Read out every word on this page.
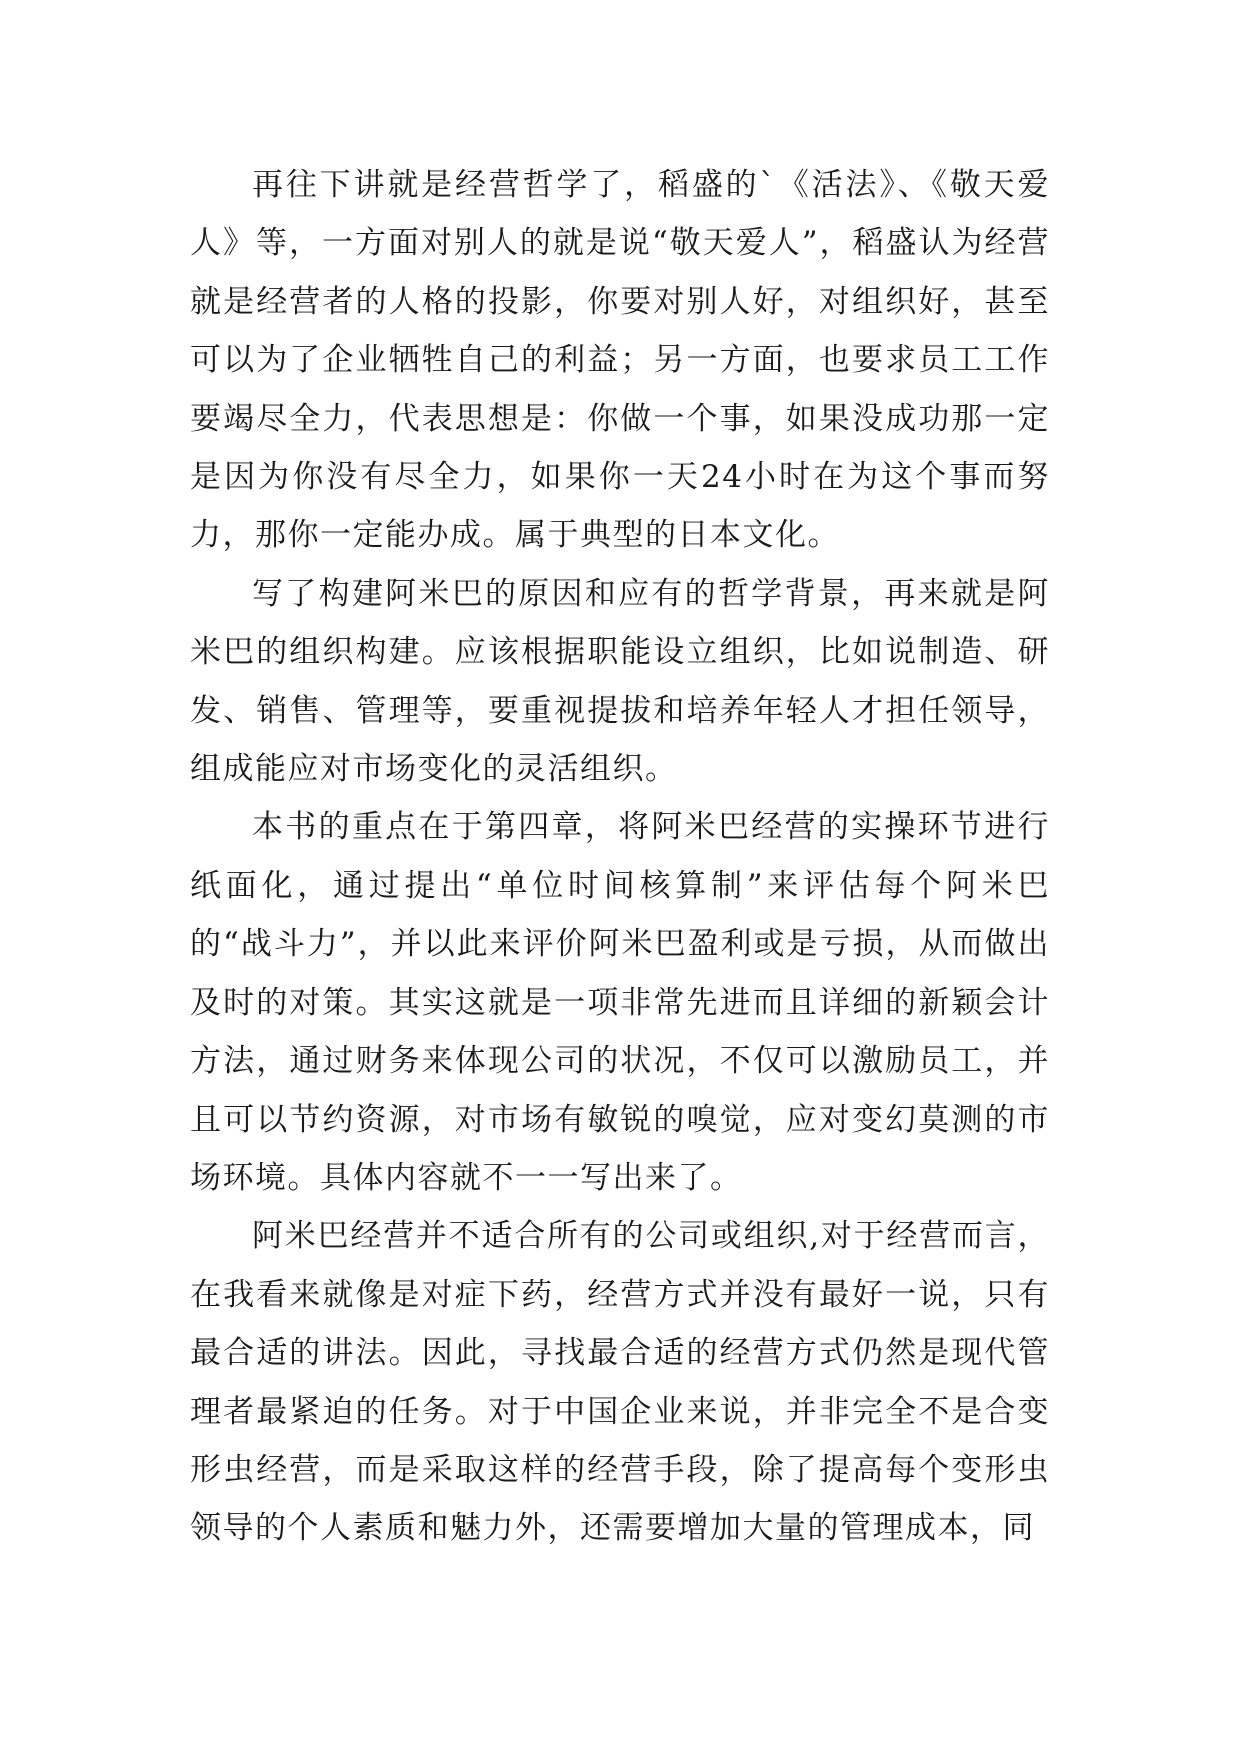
再往下讲就是经营哲学了，稻盛的`《活法》、《敬天爱人》等，一方面对别人的就是说“敬天爱人”，稻盛认为经营就是经营者的人格的投影，你要对别人好，对组织好，甚至可以为了企业牺牲自己的利益；另一方面，也要求员工工作要竭尽全力，代表思想是：你做一个事，如果没成功那一定是因为你没有尽全力，如果你一天24小时在为这个事而努力，那你一定能办成。属于典型的日本文化。

写了构建阿米巴的原因和应有的哲学背景，再来就是阿米巴的组织构建。应该根据职能设立组织，比如说制造、研发、销售、管理等，要重视提拔和培养年轻人才担任领导，组成能应对市场变化的灵活组织。

本书的重点在于第四章，将阿米巴经营的实操环节进行纸面化，通过提出“单位时间核算制”来评估每个阿米巴的“战斗力”，并以此来评价阿米巴盈利或是亏损，从而做出及时的对策。其实这就是一项非常先进而且详细的新颖会计方法，通过财务来体现公司的状况，不仅可以激励员工，并且可以节约资源，对市场有敏锐的嗅觉，应对变幻莫测的市场环境。具体内容就不一一写出来了。

阿米巴经营并不适合所有的公司或组织,对于经营而言，在我看来就像是对症下药，经营方式并没有最好一说，只有最合适的讲法。因此，寻找最合适的经营方式仍然是现代管理者最紧迫的任务。对于中国企业来说，并非完全不是合变形虫经营，而是采取这样的经营手段，除了提高每个变形虫领导的个人素质和魅力外，还需要增加大量的管理成本，同
